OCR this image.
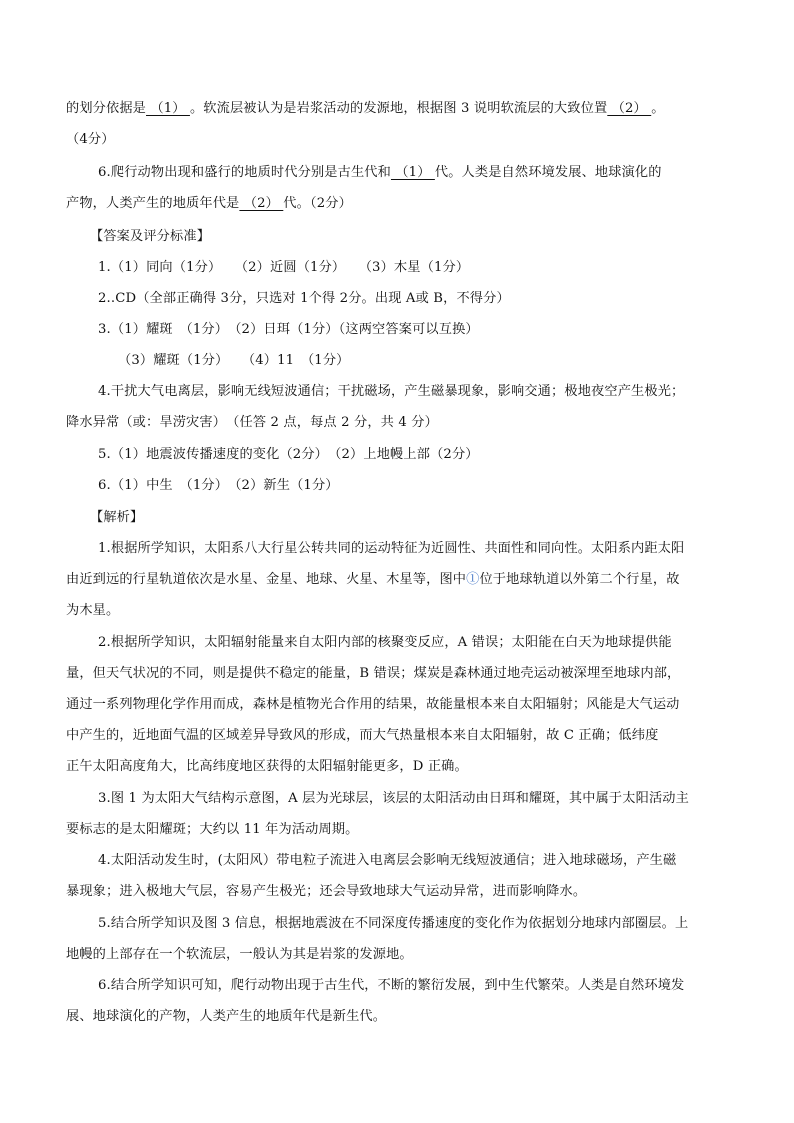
的划分依据是 （1） 。软流层被认为是岩浆活动的发源地，根据图 3 说明软流层的大致位置 （2） 。
（4分）
6.爬行动物出现和盛行的地质时代分别是古生代和 （1） 代。人类是自然环境发展、地球演化的
产物，人类产生的地质年代是 （2） 代。（2分）
【答案及评分标准】
1.（1）同向（1分）　　（2）近圆（1分）　　（3）木星（1分）
2..CD（全部正确得 3分，只选对 1个得 2分。出现 A或 B，不得分）
3.（1）耀斑　（1分）　（2）日珥（1分）（这两空答案可以互换）
（3）耀斑（1分）　　（4）11　（1分）
4.干扰大气电离层，影响无线短波通信；干扰磁场，产生磁暴现象，影响交通；极地夜空产生极光；
降水异常（或：旱涝灾害）　（任答 2 点，每点 2 分，共 4 分）
5.（1）地震波传播速度的变化（2分）　（2）上地幔上部（2分）
6.（1）中生　（1分）　（2）新生（1分）
【解析】
1.根据所学知识，太阳系八大行星公转共同的运动特征为近圆性、共面性和同向性。太阳系内距太阳
由近到远的行星轨道依次是水星、金星、地球、火星、木星等，图中①位于地球轨道以外第二个行星，故
为木星。
2.根据所学知识，太阳辐射能量来自太阳内部的核聚变反应，A 错误；太阳能在白天为地球提供能
量，但天气状况的不同，则是提供不稳定的能量，B 错误；煤炭是森林通过地壳运动被深埋至地球内部，
通过一系列物理化学作用而成，森林是植物光合作用的结果，故能量根本来自太阳辐射；风能是大气运动
中产生的，近地面气温的区域差异导致风的形成，而大气热量根本来自太阳辐射，故 C 正确；低纬度
正午太阳高度角大，比高纬度地区获得的太阳辐射能更多，D 正确。
3.图 1 为太阳大气结构示意图，A 层为光球层，该层的太阳活动由日珥和耀斑，其中属于太阳活动主
要标志的是太阳耀斑；大约以 11 年为活动周期。
4.太阳活动发生时，(太阳风）带电粒子流进入电离层会影响无线短波通信；进入地球磁场，产生磁
暴现象；进入极地大气层，容易产生极光；还会导致地球大气运动异常，进而影响降水。
5.结合所学知识及图 3 信息，根据地震波在不同深度传播速度的变化作为依据划分地球内部圈层。上
地幔的上部存在一个软流层，一般认为其是岩浆的发源地。
6.结合所学知识可知，爬行动物出现于古生代，不断的繁衍发展，到中生代繁荣。人类是自然环境发
展、地球演化的产物，人类产生的地质年代是新生代。
